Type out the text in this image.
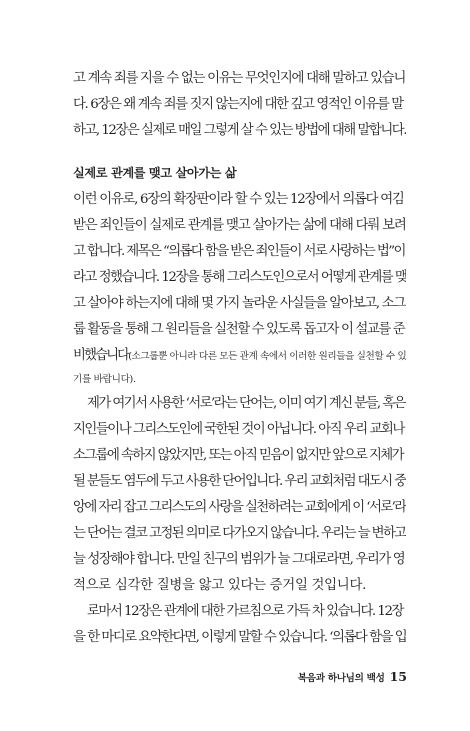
고 계속 죄를 지을 수 없는 이유는 무엇인지에 대해 말하고 있습니
다. 6장은 왜 계속 죄를 짓지 않는지에 대한 깊고 영적인 이유를 말
하고, 12장은 실제로 매일 그렇게 살 수 있는 방법에 대해 말합니다.
실제로 관계를 맺고 살아가는 삶
이런 이유로, 6장의 확장판이라 할 수 있는 12장에서 의롭다 여김
받은 죄인들이 실제로 관계를 맺고 살아가는 삶에 대해 다뤄 보려
고 합니다. 제목은 “의롭다 함을 받은 죄인들이 서로 사랑하는 법”이
라고 정했습니다. 12장을 통해 그리스도인으로서 어떻게 관계를 맺
고 살아야 하는지에 대해 몇 가지 놀라운 사실들을 알아보고, 소그
룹 활동을 통해 그 원리들을 실천할 수 있도록 돕고자 이 설교를 준
비했습니다(소그룹뿐 아니라 다른 모든 관계 속에서 이러한 원리들을 실천할 수 있
기를 바랍니다).
제가 여기서 사용한 ‘서로’라는 단어는, 이미 여기 계신 분들, 혹은
지인들이나 그리스도인에 국한된 것이 아닙니다. 아직 우리 교회나
소그룹에 속하지 않았지만, 또는 아직 믿음이 없지만 앞으로 지체가
될 분들도 염두에 두고 사용한 단어입니다. 우리 교회처럼 대도시 중
앙에 자리 잡고 그리스도의 사랑을 실천하려는 교회에게 이 ‘서로’라
는 단어는 결코 고정된 의미로 다가오지 않습니다. 우리는 늘 변하고
늘 성장해야 합니다. 만일 친구의 범위가 늘 그대로라면, 우리가 영
적으로 심각한 질병을 앓고 있다는 증거일 것입니다.
로마서 12장은 관계에 대한 가르침으로 가득 차 있습니다. 12장
을 한 마디로 요약한다면, 이렇게 말할 수 있습니다. ‘의롭다 함을 입
복음과 하나님의 백성 15
